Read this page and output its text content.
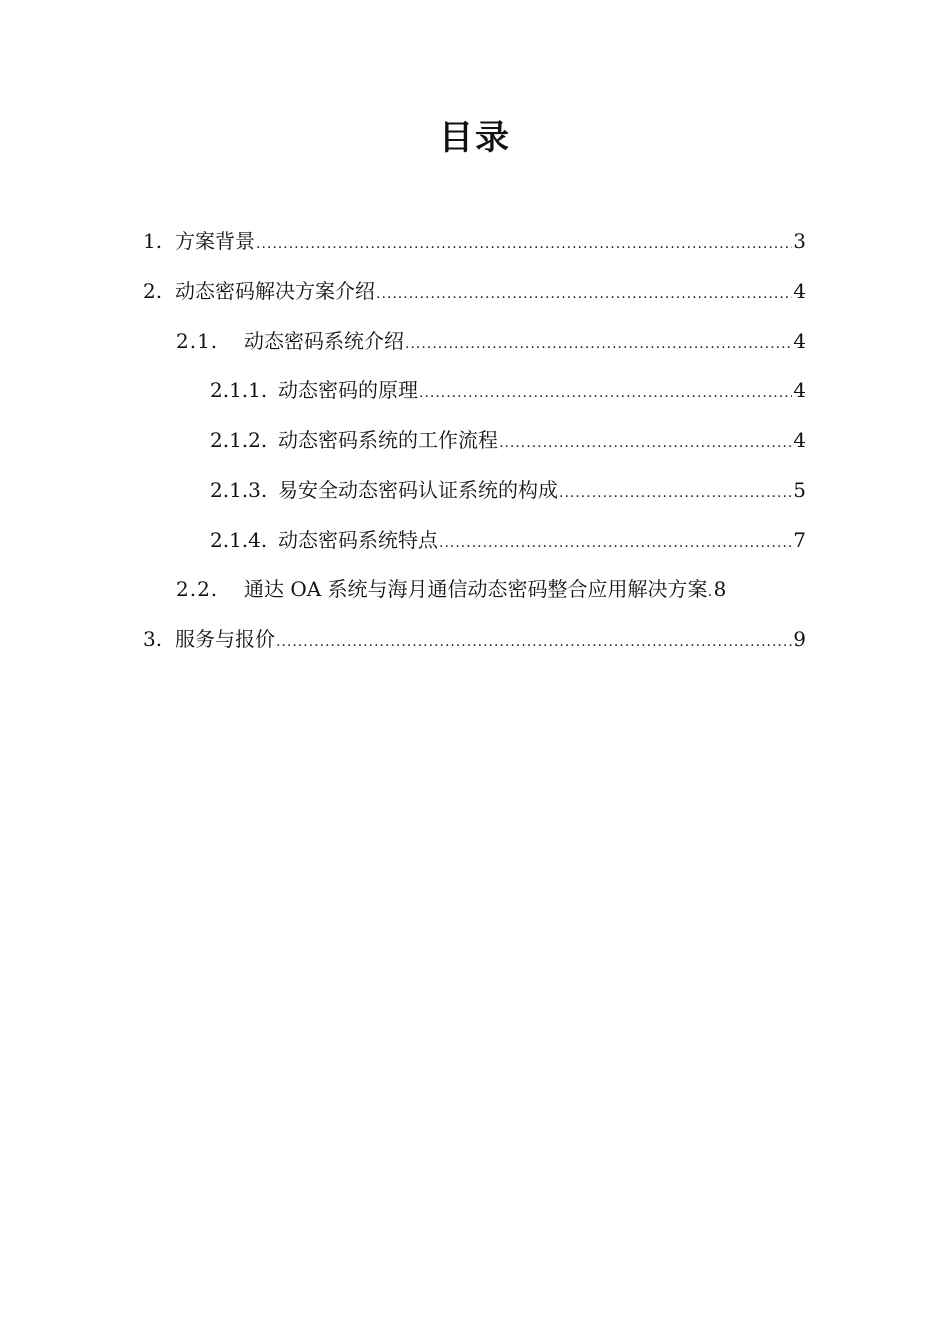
目录
1. 方案背景 .....	3
2. 动态密码解决方案介绍 .....	4
2.1.	动态密码系统介绍 .....	4
2.1.1. 动态密码的原理 .....	4
2.1.2. 动态密码系统的工作流程 .....	4
2.1.3. 易安全动态密码认证系统的构成 .....	5
2.1.4. 动态密码系统特点 .....	7
2.2.	通达 OA 系统与海月通信动态密码整合应用解决方案 ..... 8
3. 服务与报价 .....	9
